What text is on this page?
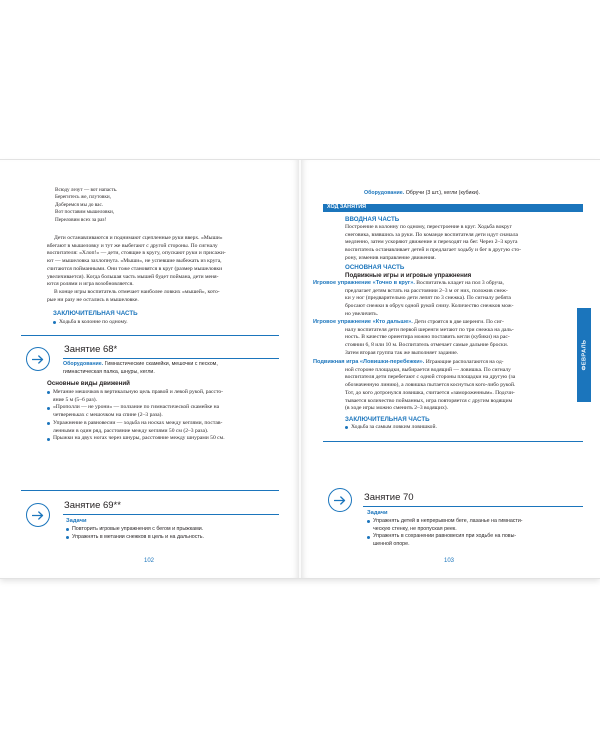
Всюду лезут — вот напасть.
Берегитесь же, плутовки,
Доберемся мы до вас.
Вот поставим мышеловки,
Переловим всех за раз!
Дети останавливаются и поднимают сцепленные руки вверх. «Мыши»
вбегают в мышеловку и тут же выбегают с другой стороны. По сигналу
воспитателя: «Хлоп!» — дети, стоящие в кругу, опускают руки и присажи-
ют — мышеловка захлопнута. «Мыши», не успевшие выбежать из круга,
считаются пойманными. Они тоже становятся в круг (размер мышеловки
увеличивается). Когда большая часть мышей будет поймана, дети меня-
ются ролями и игра возобновляется.
В конце игры воспитатель отмечает наиболее ловких «мышей», кото-
рые ни разу не остались в мышеловке.
ЗАКЛЮЧИТЕЛЬНАЯ ЧАСТЬ
Ходьба в колонне по одному.
Занятие 68*
Оборудование. Гимнастические скамейки, мешочки с песком,
гимнастическая палка, шнуры, кегли.
Основные виды движений
Метание мешочков в вертикальную цель правой и левой рукой, рассто-
яние 5 м (5–6 раз).
«Прополли — не урони» — ползание по гимнастической скамейке на
четвереньках с мешочком на спине (2–3 раза).
Упражнение в равновесии — ходьба на носках между кеглями, постав-
ленными в один ряд, расстояние между кеглями 50 см (2–3 раза).
Прыжки на двух ногах через шнуры, расстояние между шнурами 50 см.
Занятие 69**
Задачи
Повторить игровые упражнения с бегом и прыжками.
Упражнять в метании снежков в цель и на дальность.
102
Оборудование. Обручи (3 шт.), кегли (кубики).
ХОД ЗАНЯТИЯ
ВВОДНАЯ ЧАСТЬ
Построение в колонну по одному, перестроение в круг. Ходьба вокруг
снеговика, взявшись за руки. По команде воспитателя дети идут сначала
медленно, затем ускоряют движение и переходят на бег. Через 2–3 круга
воспитатель останавливает детей и предлагает ходьбу и бег в другую сто-
рону, изменив направление движения.
ОСНОВНАЯ ЧАСТЬ
Подвижные игры и игровые упражнения
Игровое упражнение «Точно в круг». Воспитатель кладет на пол 3 обруча,
предлагает детям встать на расстоянии 2–3 м от них, положив снеж-
ки у ног (предварительно дети лепят по 3 снежка). По сигналу ребята
бросают снежки в обруч одной рукой снизу. Количество снежков мож-
но увеличить.
Игровое упражнение «Кто дальше». Дети строятся в две шеренги. По сиг-
налу воспитателя дети первой шеренги метают по три снежка на даль-
ность. В качестве ориентира можно поставить кегли (кубики) на рас-
стоянии 6, 8 или 10 м. Воспитатель отмечает самые дальние броски.
Затем вторая группа так же выполняет задание.
Подвижная игра «Ловишки-перебежки». Играющие располагаются на од-
ной стороне площадки, выбирается водящий — ловишка. По сигналу
воспитателя дети перебегают с одной стороны площадки на другую (за
обозначенную линию), а ловишка пытается коснуться кого-либо рукой.
Тот, до кого дотронулся ловишка, считается «замороженным». Подсчи-
тывается количество пойманных, игра повторяется с другим водящим
(в ходе игры можно сменить 2–3 водящих).
ЗАКЛЮЧИТЕЛЬНАЯ ЧАСТЬ
Ходьба за самым ловким ловишкой.
Занятие 70
Задачи
Упражнять детей в непрерывном беге, лазанье на гимнасти-
ческую стенку, не пропуская реек.
Упражнять в сохранении равновесия при ходьбе на повы-
шенной опоре.
103
ФЕВРАЛЬ
